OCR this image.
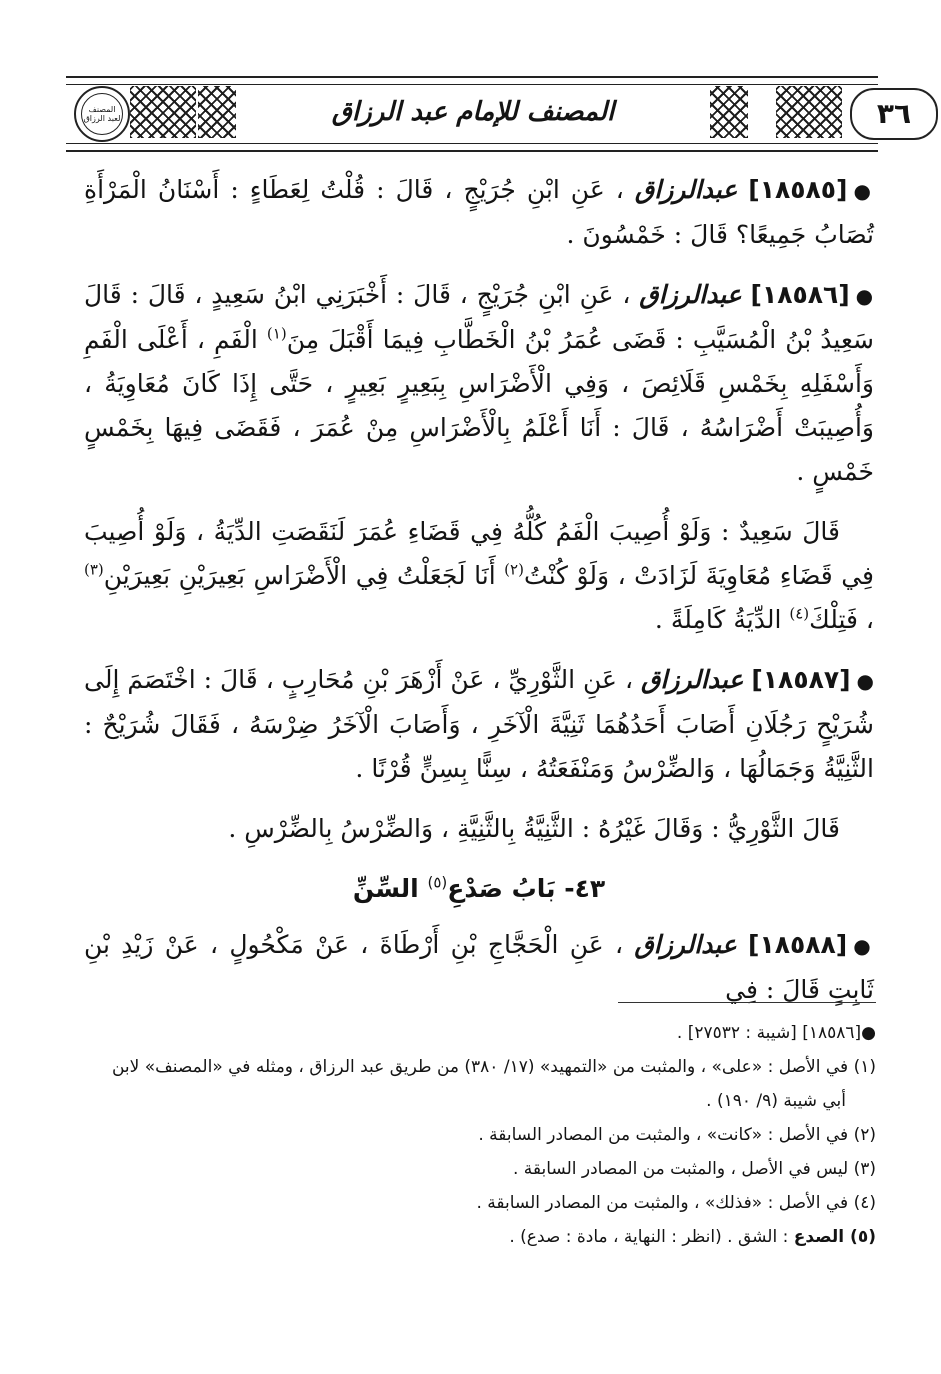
المصنف لعبد الرزاق	المصنف للإمام عبد الرزاق	٣٦

●[١٨٥٨٥] عبدالرزاق ، عَنِ ابْنِ جُرَيْجٍ ، قَالَ : قُلْتُ لِعَطَاءٍ : أَسْنَانُ الْمَرْأَةِ تُصَابُ جَمِيعًا؟ قَالَ : خَمْسُونَ .

●[١٨٥٨٦] عبدالرزاق ، عَنِ ابْنِ جُرَيْجٍ ، قَالَ : أَخْبَرَنِي ابْنُ سَعِيدٍ ، قَالَ : قَالَ سَعِيدُ بْنُ الْمُسَيَّبِ : قَضَى عُمَرُ بْنُ الْخَطَّابِ فِيمَا أَقْبَلَ مِنَ$^{(١)}$ الْفَمِ ، أَعْلَى الْفَمِ وَأَسْفَلِهِ بِخَمْسِ قَلَائِصَ ، وَفِي الْأَضْرَاسِ بِبَعِيرٍ بَعِيرٍ ، حَتَّى إِذَا كَانَ مُعَاوِيَةُ ، وَأُصِيبَتْ أَضْرَاسُهُ ، قَالَ : أَنَا أَعْلَمُ بِالْأَضْرَاسِ مِنْ عُمَرَ ، فَقَضَى فِيهَا بِخَمْسٍ خَمْسٍ .

قَالَ سَعِيدٌ : وَلَوْ أُصِيبَ الْفَمُ كُلُّهُ فِي قَضَاءِ عُمَرَ لَنَقَصَتِ الدِّيَةُ ، وَلَوْ أُصِيبَ فِي قَضَاءِ مُعَاوِيَةَ لَزَادَتْ ، وَلَوْ كُنْتُ$^{(٢)}$ أَنَا لَجَعَلْتُ فِي الْأَضْرَاسِ بَعِيرَيْنِ بَعِيرَيْنِ$^{(٣)}$ ، فَتِلْكَ$^{(٤)}$ الدِّيَةُ كَامِلَةً .

●[١٨٥٨٧] عبدالرزاق ، عَنِ الثَّوْرِيِّ ، عَنْ أَزْهَرَ بْنِ مُحَارِبٍ ، قَالَ : اخْتَصَمَ إِلَى شُرَيْحٍ رَجُلَانِ أَصَابَ أَحَدُهُمَا ثَنِيَّةَ الْآخَرِ ، وَأَصَابَ الْآخَرُ ضِرْسَهُ ، فَقَالَ شُرَيْحٌ : الثَّنِيَّةُ وَجَمَالُهَا ، وَالضِّرْسُ وَمَنْفَعَتُهُ ، سِنًّا بِسِنٍّ قُرْنًا .

قَالَ الثَّوْرِيُّ : وَقَالَ غَيْرُهُ : الثَّنِيَّةُ بِالثَّنِيَّةِ ، وَالضِّرْسُ بِالضِّرْسِ .

٤٣- بَابُ صَدْعِ$^{(٥)}$ السِّنِّ

●[١٨٥٨٨] عبدالرزاق ، عَنِ الْحَجَّاجِ بْنِ أَرْطَاةَ ، عَنْ مَكْحُولٍ ، عَنْ زَيْدِ بْنِ ثَابِتٍ قَالَ : فِي

●[١٨٥٨٦] [شيبة : ٢٧٥٣٢] .

(١) في الأصل : «على» ، والمثبت من «التمهيد» (١٧/ ٣٨٠) من طريق عبد الرزاق ، ومثله في «المصنف» لابن
أبي شيبة (٩/ ١٩٠) .

(٢) في الأصل : «كانت» ، والمثبت من المصادر السابقة .

(٣) ليس في الأصل ، والمثبت من المصادر السابقة .

(٤) في الأصل : «فذلك» ، والمثبت من المصادر السابقة .

(٥) الصدع : الشق . (انظر : النهاية ، مادة : صدع) .
